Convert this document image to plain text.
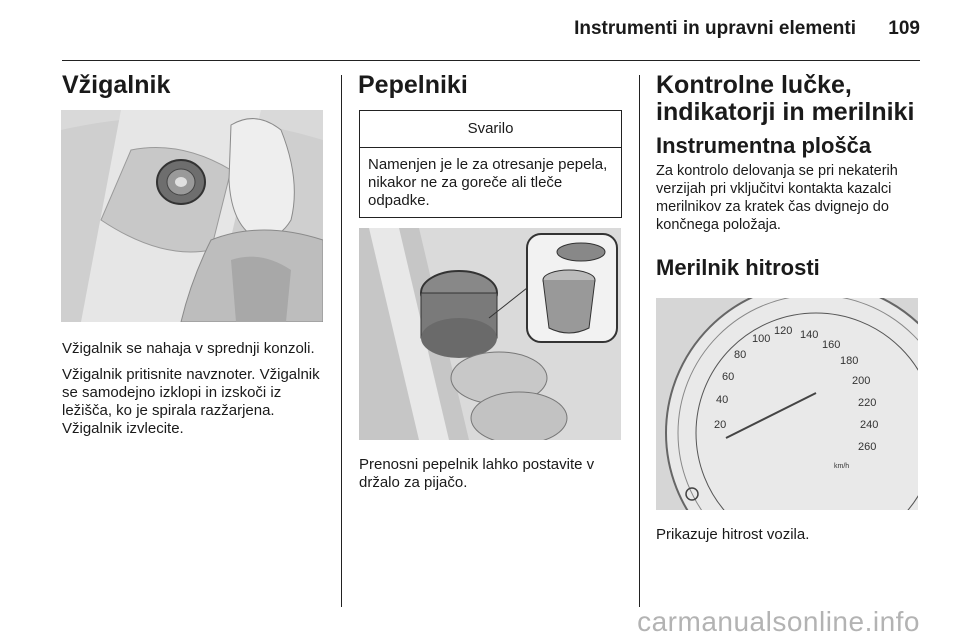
Instrumenti in upravni elementi 109
Vžigalnik

Vžigalnik se nahaja v sprednji konzoli.

Vžigalnik pritisnite navznoter. Vžigalnik se samodejno izklopi in izskoči iz ležišča, ko je spirala razžarjena. Vžigalnik izvlecite.

Pepelniki
Svarilo
Namenjen je le za otresanje pepela, nikakor ne za goreče ali tleče odpadke.

Prenosni pepelnik lahko postavite v držalo za pijačo.

Kontrolne lučke, indikatorji in merilniki
Instrumentna plošča

Za kontrolo delovanja se pri nekaterih verzijah pri vključitvi kontakta kazalci merilnikov za kratek čas dvignejo do končnega položaja.

Merilnik hitrosti
20
40
60
80
100
120 140
160
180
200
220
240
260
km/h

Prikazuje hitrost vozila.

carmanualsonline.info
